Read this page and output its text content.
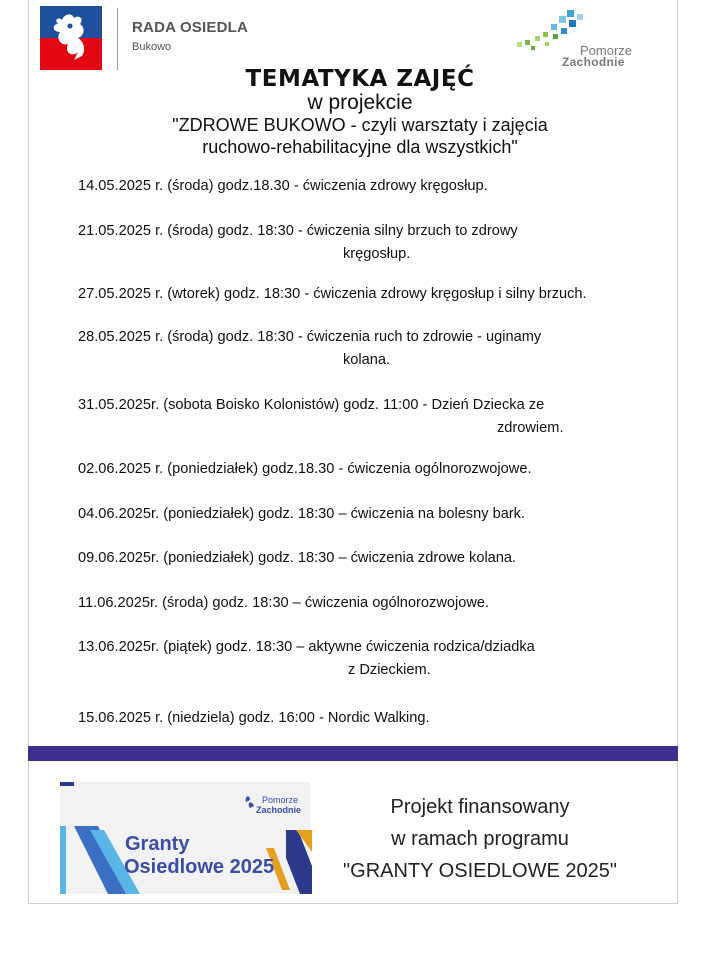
RADA OSIEDLA
Bukowo	Pomorze
Zachodnie
TEMATYKA ZAJĘĆ
w projekcie
"ZDROWE BUKOWO - czyli warsztaty i zajęcia
ruchowo-rehabilitacyjne dla wszystkich"
14.05.2025 r. (środa) godz.18.30 - ćwiczenia zdrowy kręgosłup.
21.05.2025 r. (środa) godz. 18:30 - ćwiczenia silny brzuch to zdrowy
kręgosłup.
27.05.2025 r. (wtorek) godz. 18:30 - ćwiczenia zdrowy kręgosłup i silny brzuch.
28.05.2025 r. (środa) godz. 18:30 - ćwiczenia ruch to zdrowie - uginamy
kolana.
31.05.2025r. (sobota Boisko Kolonistów) godz. 11:00 - Dzień Dziecka ze
zdrowiem.
02.06.2025 r. (poniedziałek) godz.18.30 - ćwiczenia ogólnorozwojowe.
04.06.2025r. (poniedziałek) godz. 18:30 – ćwiczenia na bolesny bark.
09.06.2025r. (poniedziałek) godz. 18:30 – ćwiczenia zdrowe kolana.
11.06.2025r. (środa) godz. 18:30 – ćwiczenia ogólnorozwojowe.
13.06.2025r. (piątek) godz. 18:30 – aktywne ćwiczenia rodzica/dziadka
z Dzieckiem.
15.06.2025 r. (niedziela) godz. 16:00 - Nordic Walking.
Pomorze
Zachodnie
Granty
Osiedlowe 2025
Projekt finansowany
w ramach programu
"GRANTY OSIEDLOWE 2025"
